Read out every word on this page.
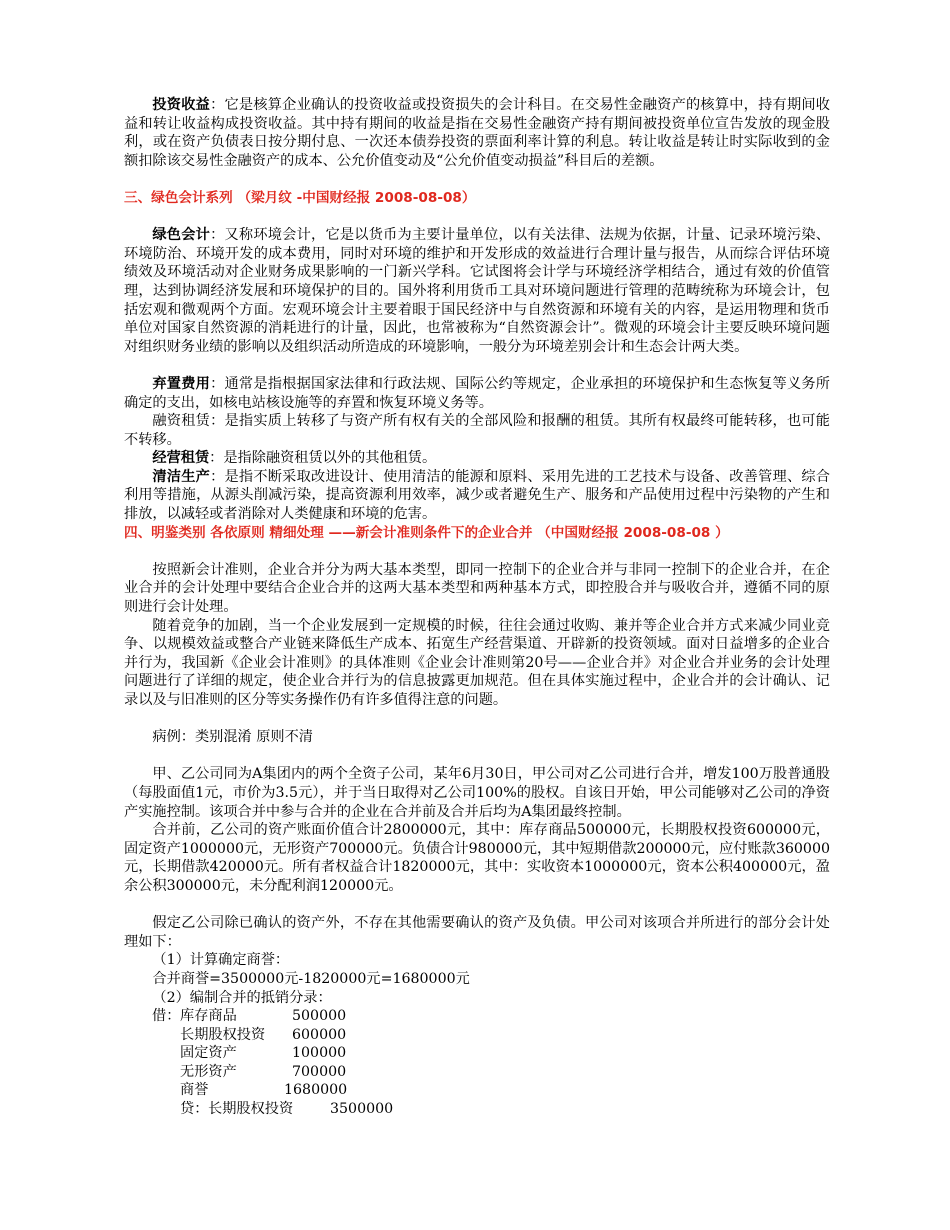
投资收益：它是核算企业确认的投资收益或投资损失的会计科目。在交易性金融资产的核算中，持有期间收益和转让收益构成投资收益。其中持有期间的收益是指在交易性金融资产持有期间被投资单位宣告发放的现金股利，或在资产负债表日按分期付息、一次还本债券投资的票面利率计算的利息。转让收益是转让时实际收到的金额扣除该交易性金融资产的成本、公允价值变动及“公允价值变动损益”科目后的差额。

三、绿色会计系列 （梁月纹 -中国财经报 2008-08-08）

绿色会计：又称环境会计，它是以货币为主要计量单位，以有关法律、法规为依据，计量、记录环境污染、环境防治、环境开发的成本费用，同时对环境的维护和开发形成的效益进行合理计量与报告，从而综合评估环境绩效及环境活动对企业财务成果影响的一门新兴学科。它试图将会计学与环境经济学相结合，通过有效的价值管理，达到协调经济发展和环境保护的目的。国外将利用货币工具对环境问题进行管理的范畴统称为环境会计，包括宏观和微观两个方面。宏观环境会计主要着眼于国民经济中与自然资源和环境有关的内容，是运用物理和货币单位对国家自然资源的消耗进行的计量，因此，也常被称为“自然资源会计”。微观的环境会计主要反映环境问题对组织财务业绩的影响以及组织活动所造成的环境影响，一般分为环境差别会计和生态会计两大类。

弃置费用：通常是指根据国家法律和行政法规、国际公约等规定，企业承担的环境保护和生态恢复等义务所确定的支出，如核电站核设施等的弃置和恢复环境义务等。

融资租赁：是指实质上转移了与资产所有权有关的全部风险和报酬的租赁。其所有权最终可能转移，也可能不转移。

经营租赁：是指除融资租赁以外的其他租赁。

清洁生产：是指不断采取改进设计、使用清洁的能源和原料、采用先进的工艺技术与设备、改善管理、综合利用等措施，从源头削减污染，提高资源利用效率，减少或者避免生产、服务和产品使用过程中污染物的产生和排放，以减轻或者消除对人类健康和环境的危害。

四、明鉴类别 各依原则 精细处理 ——新会计准则条件下的企业合并 （中国财经报 2008-08-08 ）

按照新会计准则，企业合并分为两大基本类型，即同一控制下的企业合并与非同一控制下的企业合并，在企业合并的会计处理中要结合企业合并的这两大基本类型和两种基本方式，即控股合并与吸收合并，遵循不同的原则进行会计处理。

随着竞争的加剧，当一个企业发展到一定规模的时候，往往会通过收购、兼并等企业合并方式来减少同业竞争、以规模效益或整合产业链来降低生产成本、拓宽生产经营渠道、开辟新的投资领域。面对日益增多的企业合并行为，我国新《企业会计准则》的具体准则《企业会计准则第20号——企业合并》对企业合并业务的会计处理问题进行了详细的规定，使企业合并行为的信息披露更加规范。但在具体实施过程中，企业合并的会计确认、记录以及与旧准则的区分等实务操作仍有许多值得注意的问题。

病例：类别混淆 原则不清

甲、乙公司同为A集团内的两个全资子公司，某年6月30日，甲公司对乙公司进行合并，增发100万股普通股（每股面值1元，市价为3.5元），并于当日取得对乙公司100%的股权。自该日开始，甲公司能够对乙公司的净资产实施控制。该项合并中参与合并的企业在合并前及合并后均为A集团最终控制。

合并前，乙公司的资产账面价值合计2800000元，其中：库存商品500000元，长期股权投资600000元，固定资产1000000元，无形资产700000元。负债合计980000元，其中短期借款200000元，应付账款360000元，长期借款420000元。所有者权益合计1820000元，其中：实收资本1000000元，资本公积400000元，盈余公积300000元，未分配利润120000元。

假定乙公司除已确认的资产外，不存在其他需要确认的资产及负债。甲公司对该项合并所进行的部分会计处理如下：

（1）计算确定商誉：

合并商誉=3500000元-1820000元=1680000元

（2）编制合并的抵销分录：

借：库存商品	500000
长期股权投资 600000
固定资产	100000
无形资产	700000
商誉	1680000
贷：长期股权投资	3500000
